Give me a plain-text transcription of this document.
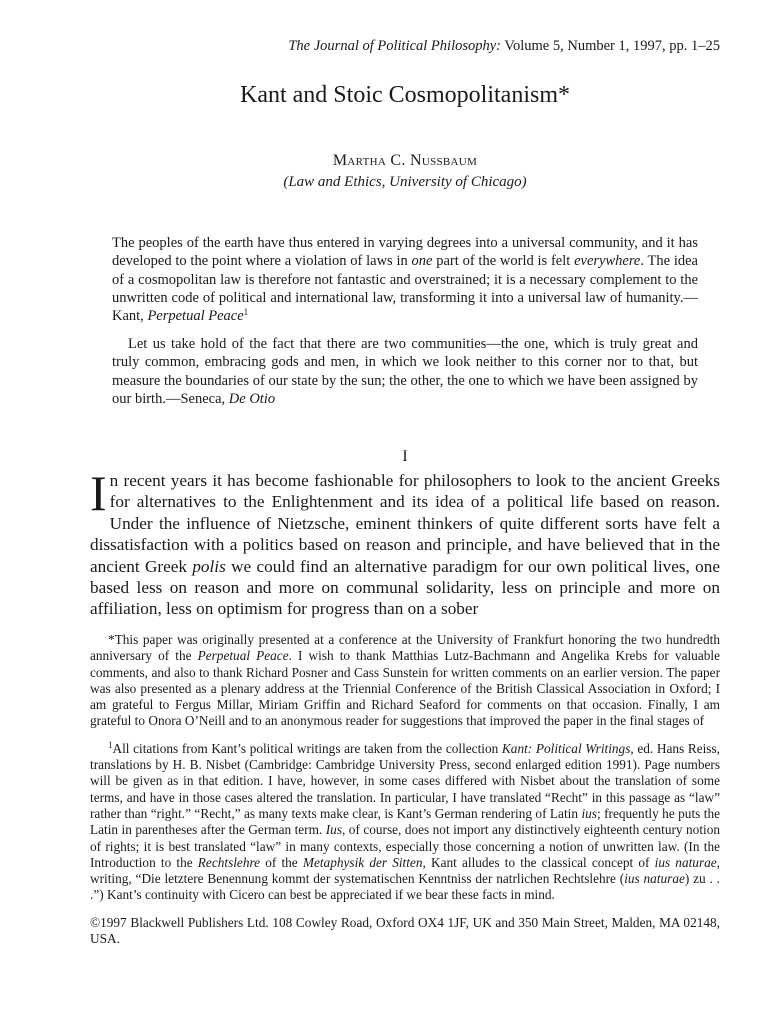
The Journal of Political Philosophy: Volume 5, Number 1, 1997, pp. 1–25
Kant and Stoic Cosmopolitanism*
Martha C. Nussbaum
(Law and Ethics, University of Chicago)

The peoples of the earth have thus entered in varying degrees into a universal community, and it has developed to the point where a violation of laws in one part of the world is felt everywhere. The idea of a cosmopolitan law is therefore not fantastic and overstrained; it is a necessary complement to the unwritten code of political and international law, transforming it into a universal law of humanity.—Kant, Perpetual Peace$^1$

Let us take hold of the fact that there are two communities—the one, which is truly great and truly common, embracing gods and men, in which we look neither to this corner nor to that, but measure the boundaries of our state by the sun; the other, the one to which we have been assigned by our birth.—Seneca, De Otio

I

In recent years it has become fashionable for philosophers to look to the ancient Greeks for alternatives to the Enlightenment and its idea of a political life based on reason. Under the influence of Nietzsche, eminent thinkers of quite different sorts have felt a dissatisfaction with a politics based on reason and principle, and have believed that in the ancient Greek polis we could find an alternative paradigm for our own political lives, one based less on reason and more on communal solidarity, less on principle and more on affiliation, less on optimism for progress than on a sober

*This paper was originally presented at a conference at the University of Frankfurt honoring the two hundredth anniversary of the Perpetual Peace. I wish to thank Matthias Lutz-Bachmann and Angelika Krebs for valuable comments, and also to thank Richard Posner and Cass Sunstein for written comments on an earlier version. The paper was also presented as a plenary address at the Triennial Conference of the British Classical Association in Oxford; I am grateful to Fergus Millar, Miriam Griffin and Richard Seaford for comments on that occasion. Finally, I am grateful to Onora O’Neill and to an anonymous reader for suggestions that improved the paper in the final stages of

$^1$All citations from Kant’s political writings are taken from the collection Kant: Political Writings, ed. Hans Reiss, translations by H. B. Nisbet (Cambridge: Cambridge University Press, second enlarged edition 1991). Page numbers will be given as in that edition. I have, however, in some cases differed with Nisbet about the translation of some terms, and have in those cases altered the translation. In particular, I have translated “Recht” in this passage as “law” rather than “right.” “Recht,” as many texts make clear, is Kant’s German rendering of Latin ius; frequently he puts the Latin in parentheses after the German term. Ius, of course, does not import any distinctively eighteenth century notion of rights; it is best translated “law” in many contexts, especially those concerning a notion of unwritten law. (In the Introduction to the Rechtslehre of the Metaphysik der Sitten, Kant alludes to the classical concept of ius naturae, writing, “Die letztere Benennung kommt der systematischen Kenntniss der natrlichen Rechtslehre (ius naturae) zu . . .”) Kant’s continuity with Cicero can best be appreciated if we bear these facts in mind.

©1997 Blackwell Publishers Ltd. 108 Cowley Road, Oxford OX4 1JF, UK and 350 Main Street, Malden, MA 02148, USA.
